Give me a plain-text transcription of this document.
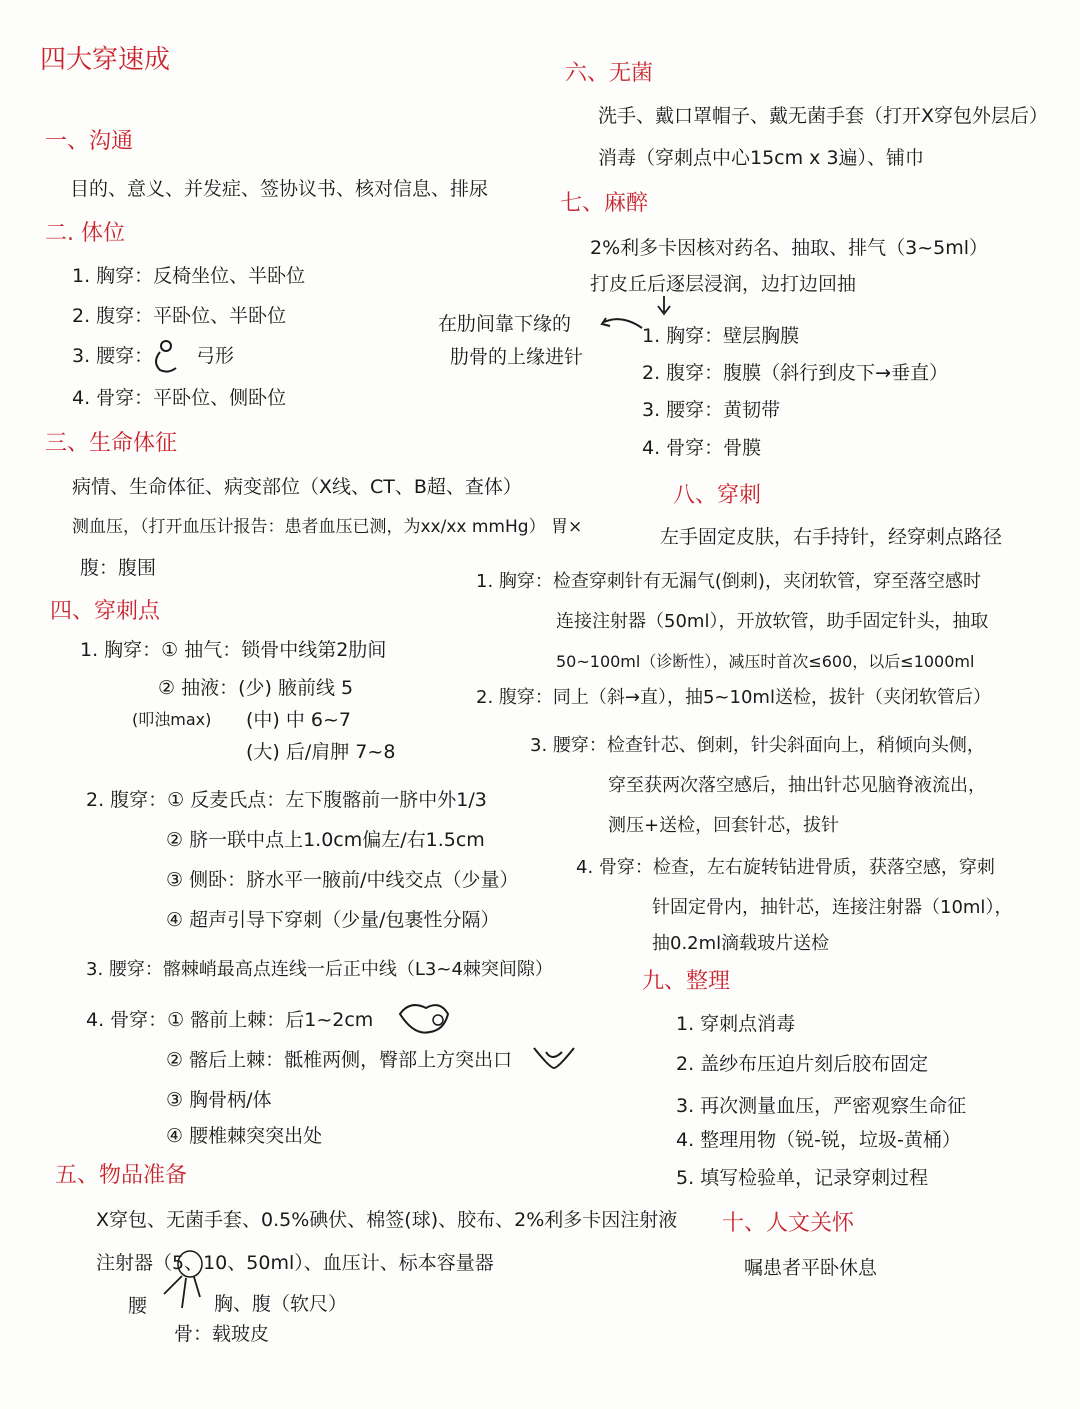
四大穿速成
一、沟通
目的、意义、并发症、签协议书、核对信息、排尿
二. 体位
1. 胸穿：反椅坐位、半卧位
2. 腹穿：平卧位、半卧位
3. 腰穿： 弓形
4. 骨穿：平卧位、侧卧位
三、生命体征
病情、生命体征、病变部位（X线、CT、B超、查体）
测血压，（打开血压计报告：患者血压已测，为xx/xx mmHg） 胃×
腹：腹围
四、穿刺点
1. 胸穿：① 抽气：锁骨中线第2肋间
② 抽液：(少) 腋前线 5
(叩浊max) (中) 中 6~7
(大) 后/肩胛 7~8
2. 腹穿：① 反麦氏点：左下腹髂前一脐中外1/3
② 脐一联中点上1.0cm偏左/右1.5cm
③ 侧卧：脐水平一腋前/中线交点（少量）
④ 超声引导下穿刺（少量/包裹性分隔）
3. 腰穿：髂棘峭最高点连线一后正中线（L3~4棘突间隙）
4. 骨穿：① 髂前上棘：后1~2cm
② 髂后上棘：骶椎两侧，臀部上方突出口
③ 胸骨柄/体
④ 腰椎棘突突出处
在肋间靠下缘的
肋骨的上缘进针
五、物品准备
X穿包、无菌手套、0.5%碘伏、棉签(球)、胶布、2%利多卡因注射液
注射器（5、10、50ml）、血压计、标本容量器
腰	胸、腹（软尺）
骨：载玻皮
六、无菌
洗手、戴口罩帽子、戴无菌手套（打开X穿包外层后）
消毒（穿刺点中心15cm x 3遍）、铺巾
七、麻醉
2%利多卡因核对药名、抽取、排气（3~5ml）
打皮丘后逐层浸润，边打边回抽
1. 胸穿：壁层胸膜
2. 腹穿：腹膜（斜行到皮下→垂直）
3. 腰穿：黄韧带
4. 骨穿：骨膜
八、穿刺
左手固定皮肤，右手持针，经穿刺点路径
1. 胸穿：检查穿刺针有无漏气(倒刺)，夹闭软管，穿至落空感时
连接注射器（50ml），开放软管，助手固定针头，抽取
50~100ml（诊断性），减压时首次≤600，以后≤1000ml
2. 腹穿：同上（斜→直），抽5~10ml送检，拔针（夹闭软管后）
3. 腰穿：检查针芯、倒刺，针尖斜面向上，稍倾向头侧，
穿至获两次落空感后，抽出针芯见脑脊液流出，
测压+送检，回套针芯，拔针
4. 骨穿：检查，左右旋转钻进骨质，获落空感，穿刺
针固定骨内，抽针芯，连接注射器（10ml），
抽0.2ml滴载玻片送检
九、整理
1. 穿刺点消毒
2. 盖纱布压迫片刻后胶布固定
3. 再次测量血压，严密观察生命征
4. 整理用物（锐-锐，垃圾-黄桶）
5. 填写检验单，记录穿刺过程
十、人文关怀
嘱患者平卧休息
